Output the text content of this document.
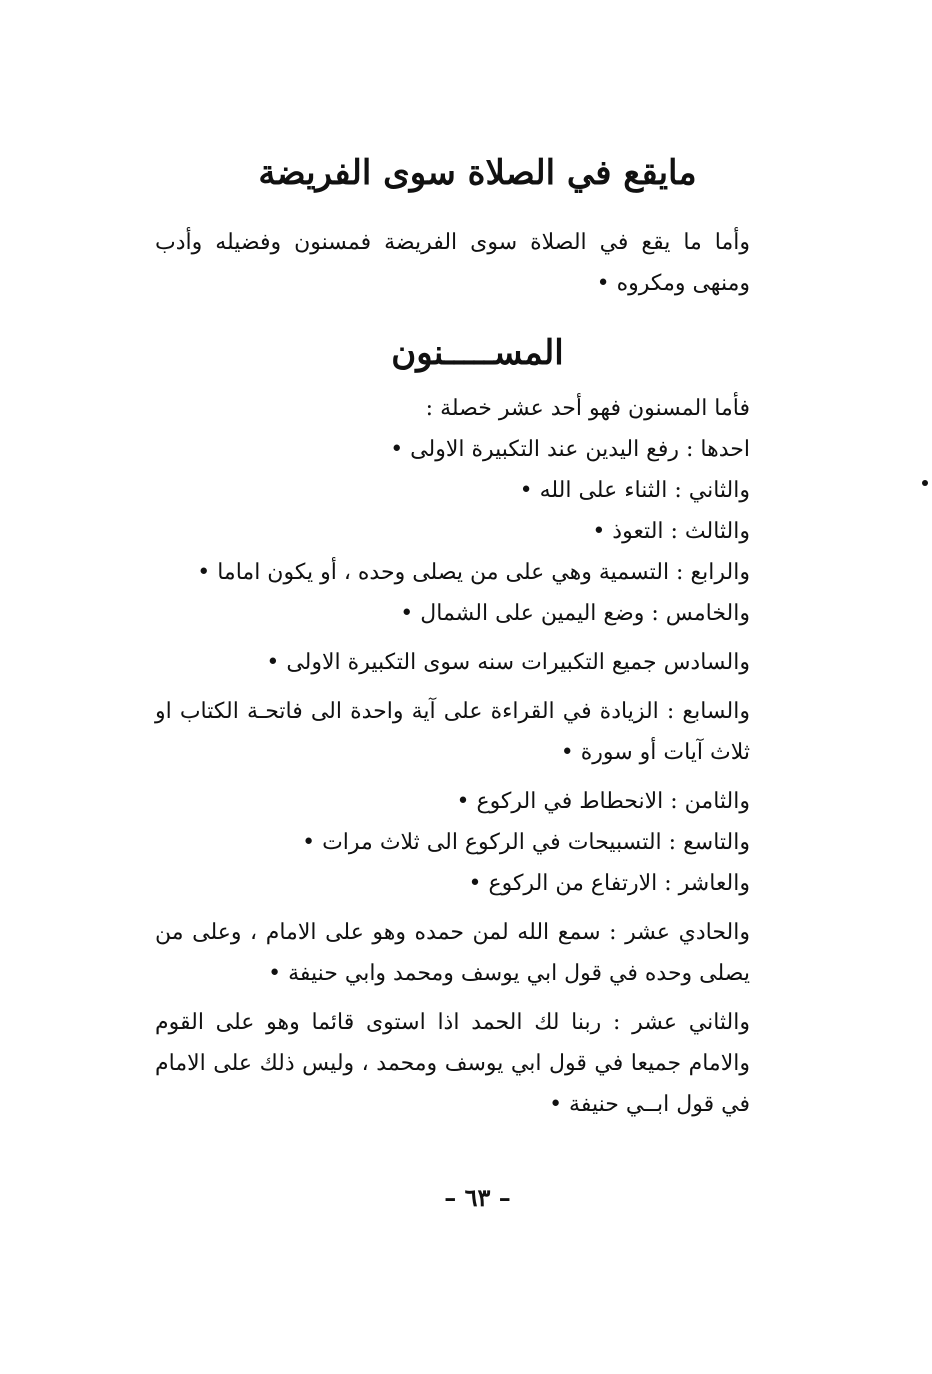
مايقع في الصلاة سوى الفريضة

وأما ما يقع في الصلاة سوى الفريضة فمسنون وفضيله وأدب ومنهى ومكروه •

المســـــنون

فأما المسنون فهو أحد عشر خصلة :

احدها : رفع اليدين عند التكبيرة الاولى •

والثاني : الثناء على الله •

والثالث : التعوذ •

والرابع : التسمية وهي على من يصلى وحده ، أو يكون اماما •

والخامس : وضع اليمين على الشمال •

والسادس جميع التكبيرات سنه سوى التكبيرة الاولى •

والسابع : الزيادة في القراءة على آية واحدة الى فاتحـة الكتاب او ثلاث آيات أو سورة •

والثامن : الانحطاط في الركوع •

والتاسع : التسبيحات في الركوع الى ثلاث مرات •

والعاشر : الارتفاع من الركوع •

والحادي عشر : سمع الله لمن حمده وهو على الامام ، وعلى من يصلى وحده في قول ابي يوسف ومحمد وابي حنيفة •

والثاني عشر : ربنا لك الحمد اذا استوى قائما وهو على القوم والامام جميعا في قول ابي يوسف ومحمد ، وليس ذلك على الامام في قول ابــي حنيفة •

– ٦٣ –
